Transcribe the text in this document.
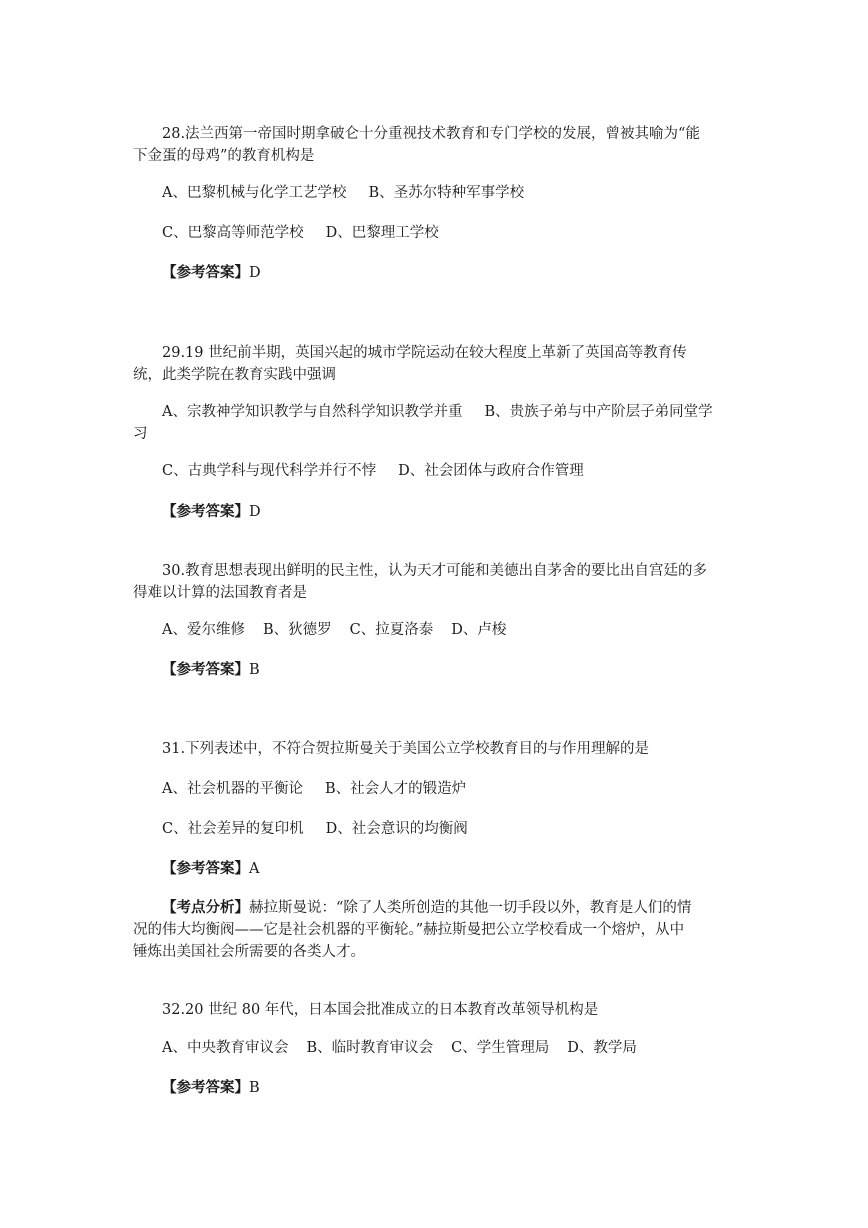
28.法兰西第一帝国时期拿破仑十分重视技术教育和专门学校的发展，曾被其喻为“能
下金蛋的母鸡”的教育机构是
A、巴黎机械与化学工艺学校 B、圣苏尔特种军事学校
C、巴黎高等师范学校 D、巴黎理工学校
【参考答案】D
29.19 世纪前半期，英国兴起的城市学院运动在较大程度上革新了英国高等教育传
统，此类学院在教育实践中强调
A、宗教神学知识教学与自然科学知识教学并重 B、贵族子弟与中产阶层子弟同堂学
习
C、古典学科与现代科学并行不悖 D、社会团体与政府合作管理
【参考答案】D
30.教育思想表现出鲜明的民主性，认为天才可能和美德出自茅舍的要比出自宫廷的多
得难以计算的法国教育者是
A、爱尔维修 B、狄德罗 C、拉夏洛泰 D、卢梭
【参考答案】B
31.下列表述中，不符合贺拉斯曼关于美国公立学校教育目的与作用理解的是
A、社会机器的平衡论 B、社会人才的锻造炉
C、社会差异的复印机 D、社会意识的均衡阀
【参考答案】A
【考点分析】赫拉斯曼说：“除了人类所创造的其他一切手段以外，教育是人们的情
况的伟大均衡阀——它是社会机器的平衡轮。”赫拉斯曼把公立学校看成一个熔炉，从中
锤炼出美国社会所需要的各类人才。
32.20 世纪 80 年代，日本国会批准成立的日本教育改革领导机构是
A、中央教育审议会 B、临时教育审议会 C、学生管理局 D、教学局
【参考答案】B
